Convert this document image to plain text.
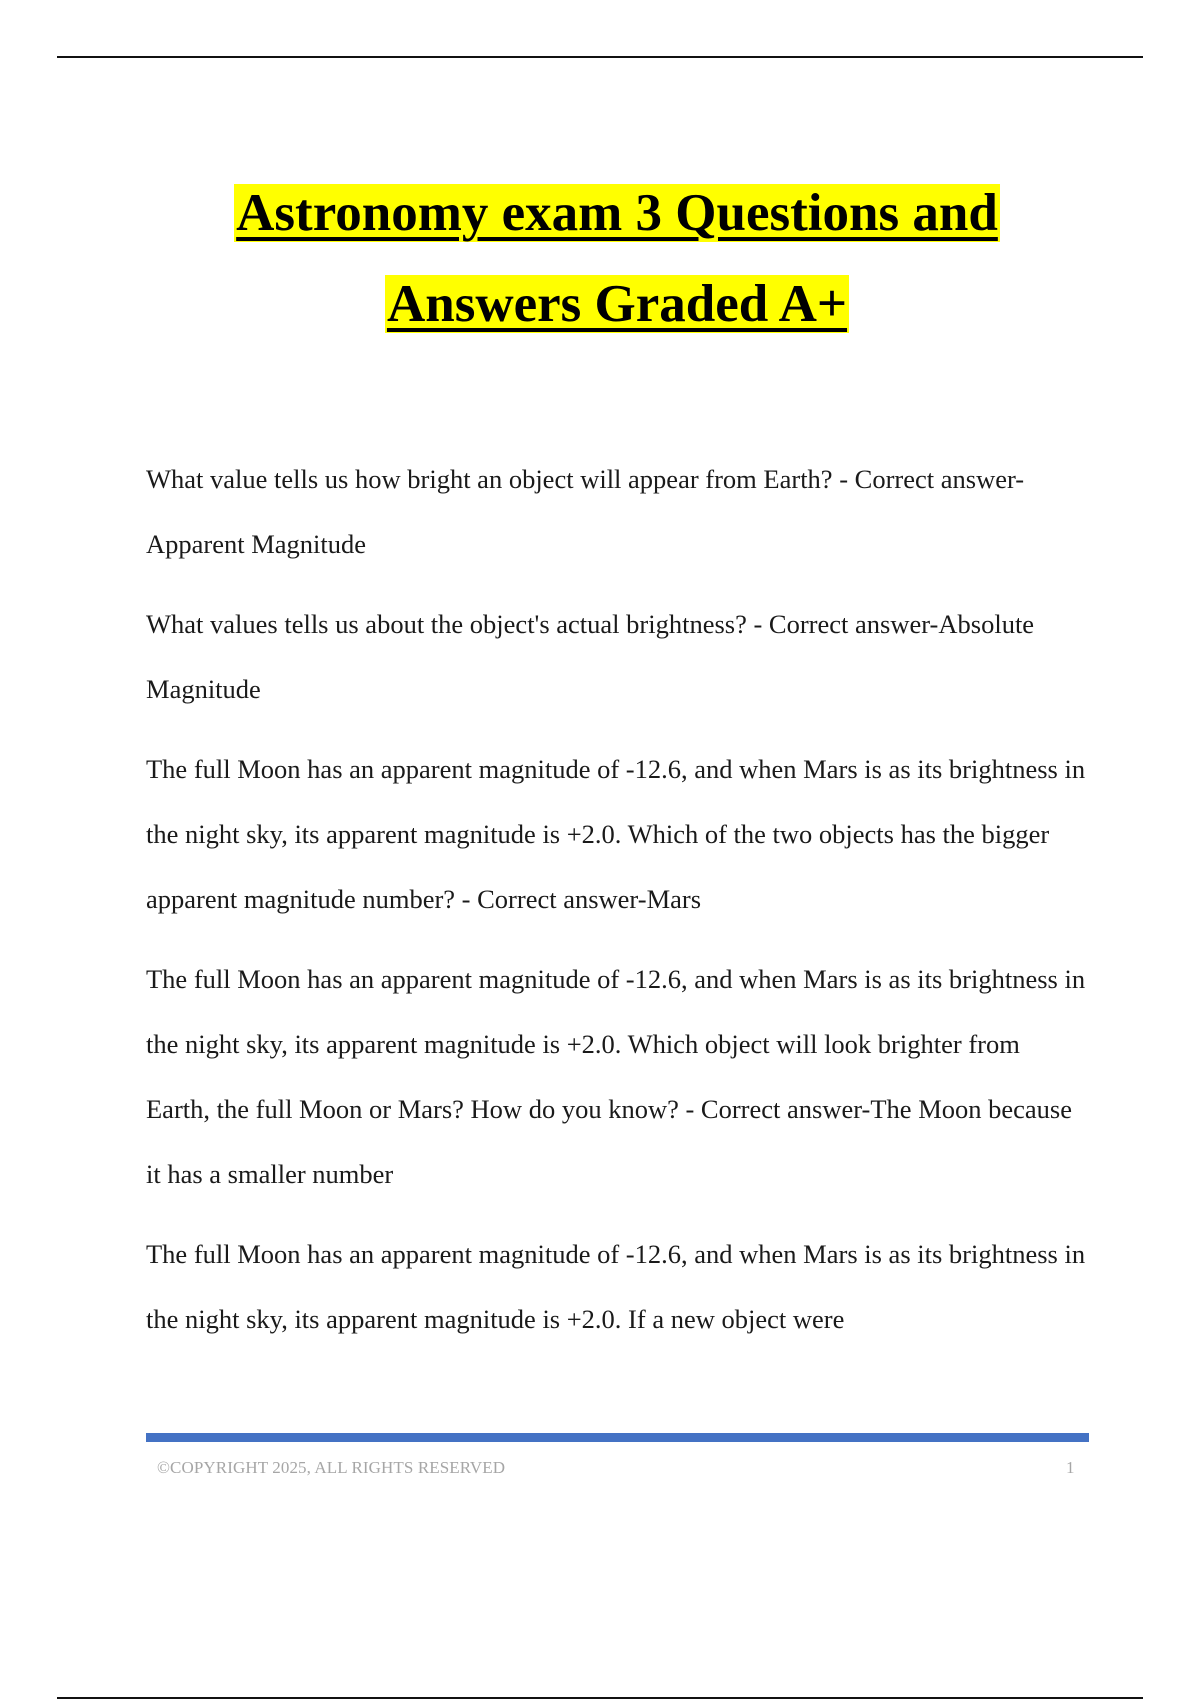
Astronomy exam 3 Questions and
Answers Graded A+

What value tells us how bright an object will appear from Earth? - Correct answer-Apparent Magnitude

What values tells us about the object's actual brightness? - Correct answer-Absolute Magnitude

The full Moon has an apparent magnitude of -12.6, and when Mars is as its brightness in the night sky, its apparent magnitude is +2.0. Which of the two objects has the bigger apparent magnitude number? - Correct answer-Mars

The full Moon has an apparent magnitude of -12.6, and when Mars is as its brightness in the night sky, its apparent magnitude is +2.0. Which object will look brighter from Earth, the full Moon or Mars? How do you know? - Correct answer-The Moon because it has a smaller number

The full Moon has an apparent magnitude of -12.6, and when Mars is as its brightness in the night sky, its apparent magnitude is +2.0. If a new object were

©COPYRIGHT 2025, ALL RIGHTS RESERVED	1
